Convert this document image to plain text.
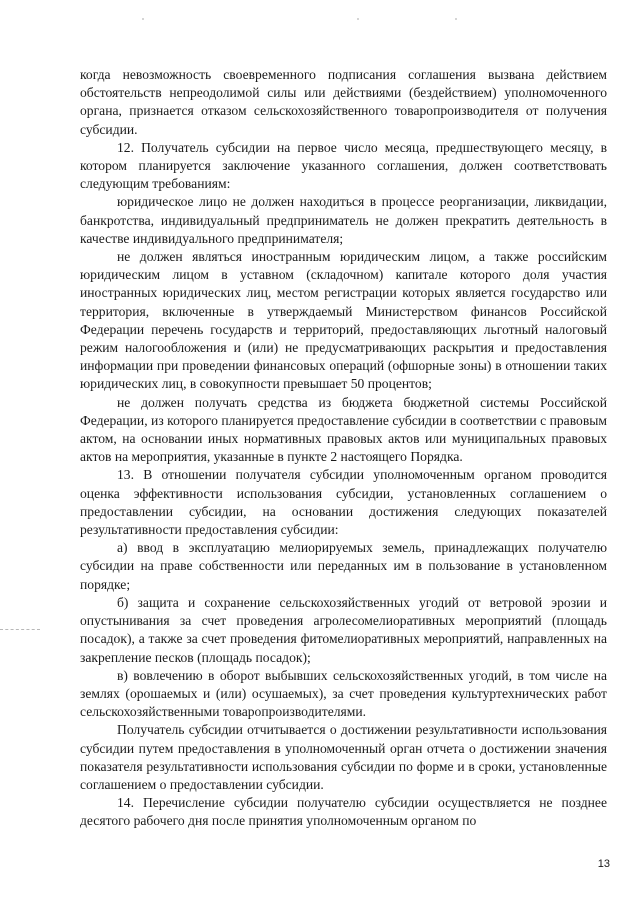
когда невозможность своевременного подписания соглашения вызвана действием обстоятельств непреодолимой силы или действиями (бездействием) уполномоченного органа, признается отказом сельскохозяйственного товаропроизводителя от получения субсидии.

12. Получатель субсидии на первое число месяца, предшествующего месяцу, в котором планируется заключение указанного соглашения, должен соответствовать следующим требованиям:

юридическое лицо не должен находиться в процессе реорганизации, ликвидации, банкротства, индивидуальный предприниматель не должен прекратить деятельность в качестве индивидуального предпринимателя;

не должен являться иностранным юридическим лицом, а также российским юридическим лицом в уставном (складочном) капитале которого доля участия иностранных юридических лиц, местом регистрации которых является государство или территория, включенные в утверждаемый Министерством финансов Российской Федерации перечень государств и территорий, предоставляющих льготный налоговый режим налогообложения и (или) не предусматривающих раскрытия и предоставления информации при проведении финансовых операций (офшорные зоны) в отношении таких юридических лиц, в совокупности превышает 50 процентов;

не должен получать средства из бюджета бюджетной системы Российской Федерации, из которого планируется предоставление субсидии в соответствии с правовым актом, на основании иных нормативных правовых актов или муниципальных правовых актов на мероприятия, указанные в пункте 2 настоящего Порядка.

13. В отношении получателя субсидии уполномоченным органом проводится оценка эффективности использования субсидии, установленных соглашением о предоставлении субсидии, на основании достижения следующих показателей результативности предоставления субсидии:

а) ввод в эксплуатацию мелиорируемых земель, принадлежащих получателю субсидии на праве собственности или переданных им в пользование в установленном порядке;

б) защита и сохранение сельскохозяйственных угодий от ветровой эрозии и опустынивания за счет проведения агролесомелиоративных мероприятий (площадь посадок), а также за счет проведения фитомелиоративных мероприятий, направленных на закрепление песков (площадь посадок);

в) вовлечению в оборот выбывших сельскохозяйственных угодий, в том числе на землях (орошаемых и (или) осушаемых), за счет проведения культуртехнических работ сельскохозяйственными товаропроизводителями.

Получатель субсидии отчитывается о достижении результативности использования субсидии путем предоставления в уполномоченный орган отчета о достижении значения показателя результативности использования субсидии по форме и в сроки, установленные соглашением о предоставлении субсидии.

14. Перечисление субсидии получателю субсидии осуществляется не позднее десятого рабочего дня после принятия уполномоченным органом по

13
